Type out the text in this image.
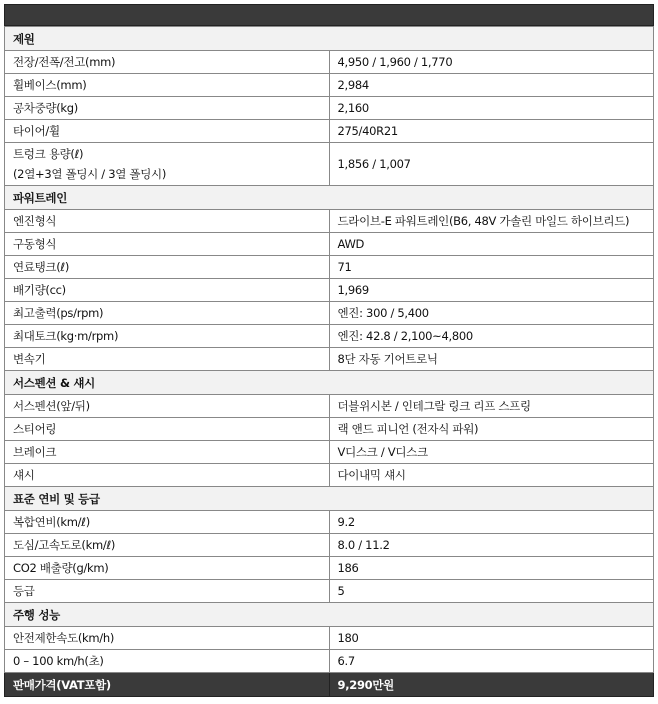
제원	
전장/전폭/전고(mm)	4,950 / 1,960 / 1,770
휠베이스(mm)	2,984
공차중량(kg)	2,160
타이어/휠	275/40R21

트렁크 용량(ℓ)
(2열+3열 폴딩시 / 3열 폴딩시)	1,856 / 1,007
파워트레인	
엔진형식	드라이브-E 파워트레인(B6, 48V 가솔린 마일드 하이브리드)
구동형식	AWD
연료탱크(ℓ)	71
배기량(cc)	1,969
최고출력(ps/rpm)	엔진: 300 / 5,400
최대토크(kg·m/rpm)	엔진: 42.8 / 2,100~4,800
변속기	8단 자동 기어트로닉
서스펜션 & 섀시	
서스펜션(앞/뒤)	더블위시본 / 인테그랄 링크 리프 스프링
스티어링	랙 앤드 피니언 (전자식 파워)
브레이크	V디스크 / V디스크
섀시	다이내믹 섀시
표준 연비 및 등급	
복합연비(km/ℓ)	9.2
도심/고속도로(km/ℓ)	8.0 / 11.2
CO2 배출량(g/km)	186
등급	5
주행 성능	
안전제한속도(km/h)	180
0 – 100 km/h(초)	6.7
판매가격(VAT포함)	9,290만원
